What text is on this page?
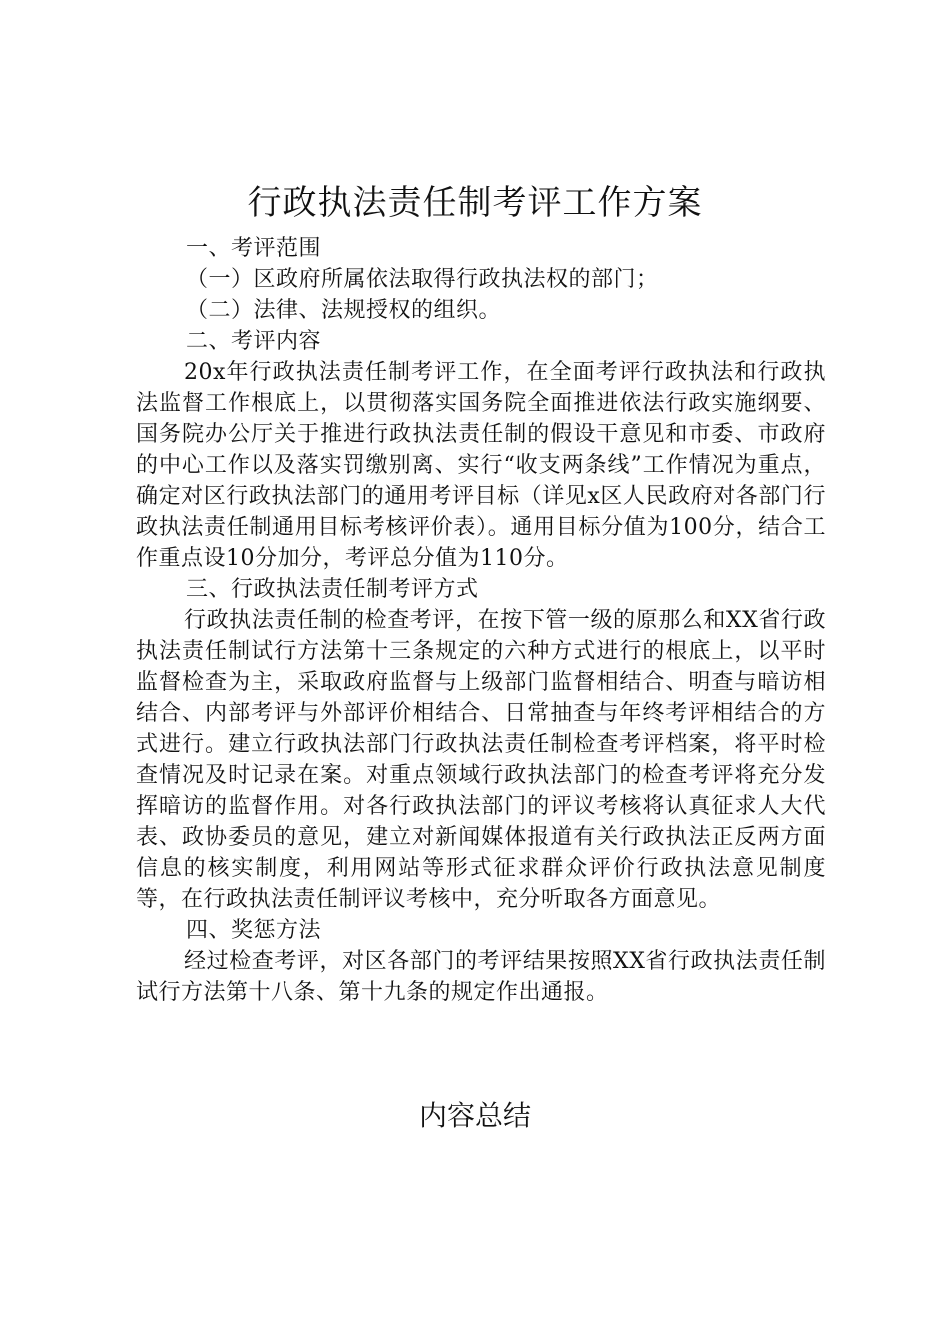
行政执法责任制考评工作方案

一、考评范围

（一）区政府所属依法取得行政执法权的部门；

（二）法律、法规授权的组织。

二、考评内容

20x年行政执法责任制考评工作，在全面考评行政执法和行政执法监督工作根底上，以贯彻落实国务院全面推进依法行政实施纲要、国务院办公厅关于推进行政执法责任制的假设干意见和市委、市政府的中心工作以及落实罚缴别离、实行“收支两条线”工作情况为重点，确定对区行政执法部门的通用考评目标（详见x区人民政府对各部门行政执法责任制通用目标考核评价表）。通用目标分值为100分，结合工作重点设10分加分，考评总分值为110分。

三、行政执法责任制考评方式

行政执法责任制的检查考评，在按下管一级的原那么和XX省行政执法责任制试行方法第十三条规定的六种方式进行的根底上，以平时监督检查为主，采取政府监督与上级部门监督相结合、明查与暗访相结合、内部考评与外部评价相结合、日常抽查与年终考评相结合的方式进行。建立行政执法部门行政执法责任制检查考评档案，将平时检查情况及时记录在案。对重点领域行政执法部门的检查考评将充分发挥暗访的监督作用。对各行政执法部门的评议考核将认真征求人大代表、政协委员的意见，建立对新闻媒体报道有关行政执法正反两方面信息的核实制度，利用网站等形式征求群众评价行政执法意见制度等，在行政执法责任制评议考核中，充分听取各方面意见。

四、奖惩方法

经过检查考评，对区各部门的考评结果按照XX省行政执法责任制试行方法第十八条、第十九条的规定作出通报。

内容总结
